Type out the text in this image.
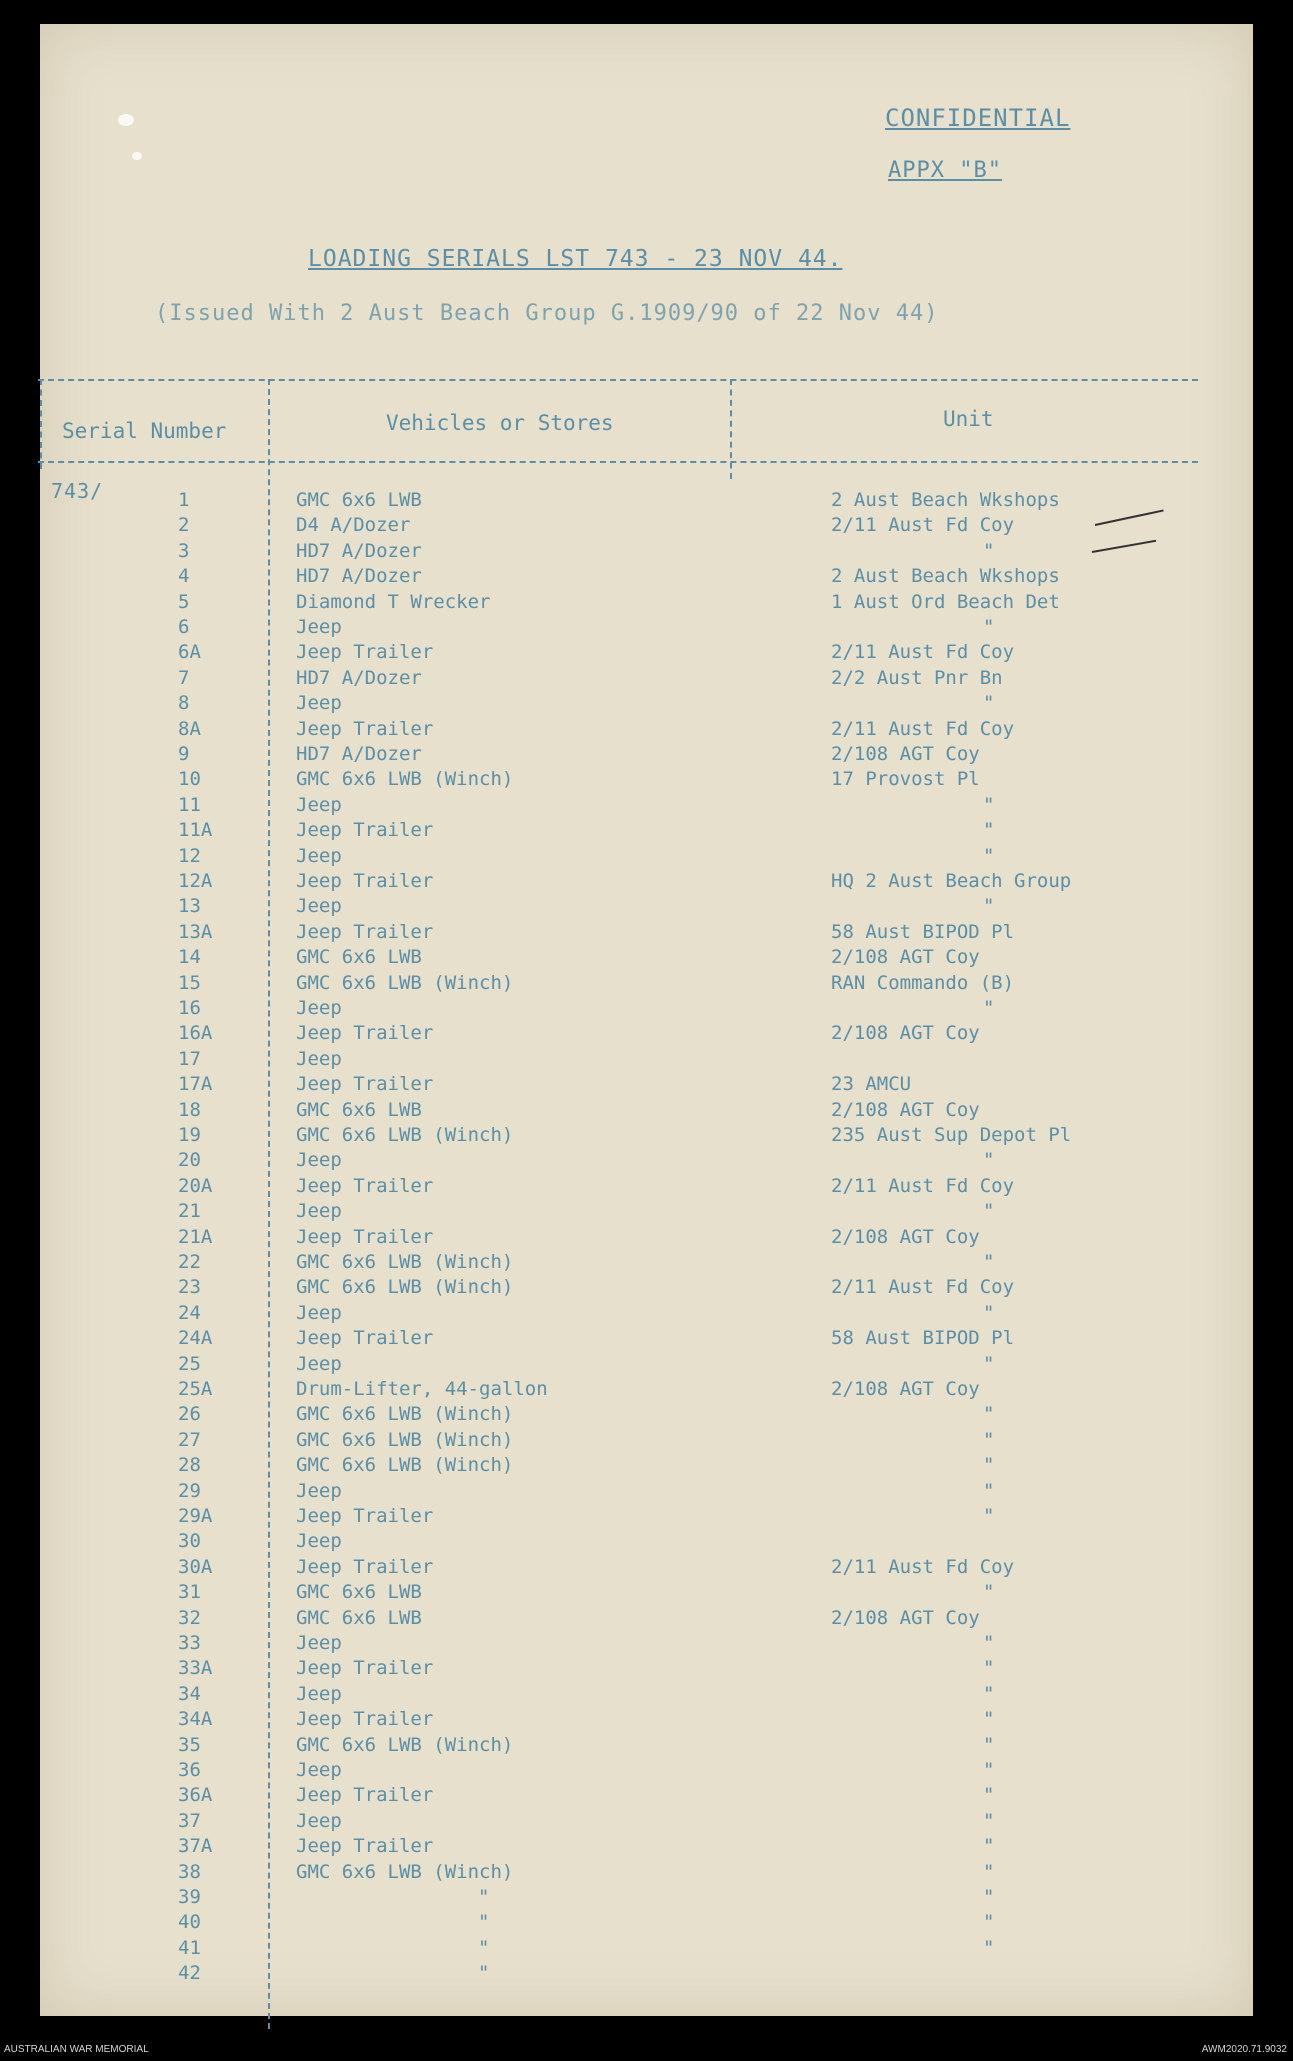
CONFIDENTIAL
APPX "B"
LOADING SERIALS LST 743 - 23 NOV 44.
(Issued With 2 Aust Beach Group G.1909/90 of 22 Nov 44)
Serial Number	Vehicles or Stores	Unit
743/	1	GMC 6x6 LWB	2 Aust Beach Wkshops
2	D4 A/Dozer	2/11 Aust Fd Coy
3	HD7 A/Dozer	"
4	HD7 A/Dozer	2 Aust Beach Wkshops
5	Diamond T Wrecker	1 Aust Ord Beach Det
6	Jeep	"
6A	Jeep Trailer	2/11 Aust Fd Coy
7	HD7 A/Dozer	2/2 Aust Pnr Bn
8	Jeep	"
8A	Jeep Trailer	2/11 Aust Fd Coy
9	HD7 A/Dozer	2/108 AGT Coy
10	GMC 6x6 LWB (Winch)	17 Provost Pl
11	Jeep	"
11A	Jeep Trailer	"
12	Jeep	"
12A	Jeep Trailer	HQ 2 Aust Beach Group
13	Jeep	"
13A	Jeep Trailer	58 Aust BIPOD Pl
14	GMC 6x6 LWB	2/108 AGT Coy
15	GMC 6x6 LWB (Winch)	RAN Commando (B)
16	Jeep	"
16A	Jeep Trailer	2/108 AGT Coy
17	Jeep
17A	Jeep Trailer	23 AMCU
18	GMC 6x6 LWB	2/108 AGT Coy
19	GMC 6x6 LWB (Winch)	235 Aust Sup Depot Pl
20	Jeep	"
20A	Jeep Trailer	2/11 Aust Fd Coy
21	Jeep	"
21A	Jeep Trailer	2/108 AGT Coy
22	GMC 6x6 LWB (Winch)	"
23	GMC 6x6 LWB (Winch)	2/11 Aust Fd Coy
24	Jeep	"
24A	Jeep Trailer	58 Aust BIPOD Pl
25	Jeep	"
25A	Drum-Lifter, 44-gallon	2/108 AGT Coy
26	GMC 6x6 LWB (Winch)	"
27	GMC 6x6 LWB (Winch)	"
28	GMC 6x6 LWB (Winch)	"
29	Jeep	"
29A	Jeep Trailer	"
30	Jeep
30A	Jeep Trailer	2/11 Aust Fd Coy
31	GMC 6x6 LWB	"
32	GMC 6x6 LWB	2/108 AGT Coy
33	Jeep	"
33A	Jeep Trailer	"
34	Jeep	"
34A	Jeep Trailer	"
35	GMC 6x6 LWB (Winch)	"
36	Jeep	"
36A	Jeep Trailer	"
37	Jeep	"
37A	Jeep Trailer	"
38	GMC 6x6 LWB (Winch)	"
39	"	"
40	"	"
41	"	"
42	"
AUSTRALIAN WAR MEMORIAL	AWM2020.71.9032
